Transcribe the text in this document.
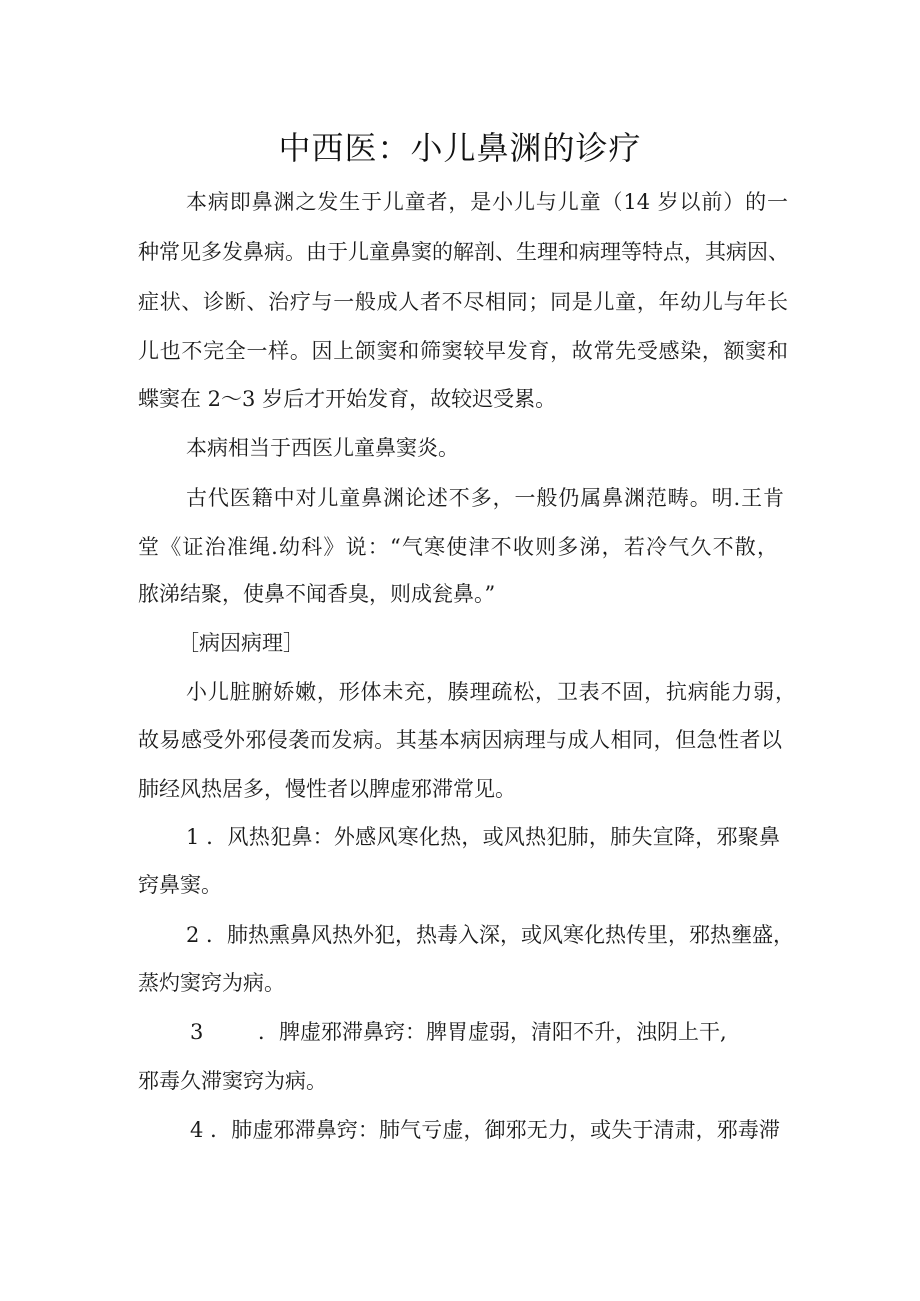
中西医：小儿鼻渊的诊疗
本病即鼻渊之发生于儿童者，是小儿与儿童（14 岁以前）的一
种常见多发鼻病。由于儿童鼻窦的解剖、生理和病理等特点，其病因、
症状、诊断、治疗与一般成人者不尽相同；同是儿童，年幼儿与年长
儿也不完全一样。因上颌窦和筛窦较早发育，故常先受感染，额窦和
蝶窦在 2～3 岁后才开始发育，故较迟受累。
本病相当于西医儿童鼻窦炎。
古代医籍中对儿童鼻渊论述不多，一般仍属鼻渊范畴。明.王肯
堂《证治准绳.幼科》说：“气寒使津不收则多涕，若冷气久不散，
脓涕结聚，使鼻不闻香臭，则成瓮鼻。”
［病因病理］
小儿脏腑娇嫩，形体未充，腠理疏松，卫表不固，抗病能力弱，
故易感受外邪侵袭而发病。其基本病因病理与成人相同，但急性者以
肺经风热居多，慢性者以脾虚邪滞常见。
1 ．风热犯鼻：外感风寒化热，或风热犯肺，肺失宣降，邪聚鼻
窍鼻窦。
2 ．肺热熏鼻风热外犯，热毒入深，或风寒化热传里，邪热壅盛，
蒸灼窦窍为病。
3	．脾虚邪滞鼻窍：脾胃虚弱，清阳不升，浊阴上干,
邪毒久滞窦窍为病。
4 ．肺虚邪滞鼻窍：肺气亏虚，御邪无力，或失于清肃，邪毒滞
